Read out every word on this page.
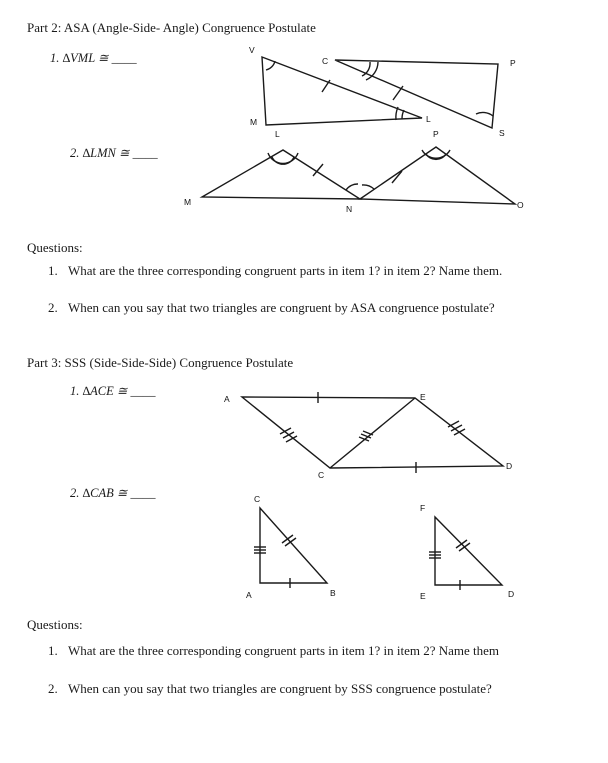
Part 2: ASA (Angle-Side- Angle) Congruence Postulate
1. ∆VML ≅ ____
2. ∆LMN ≅ ____
V
C	P
M	L
S
L	P
M
N	O
A	E
C
D
C
A	B
F
E	D
Questions:
1. What are the three corresponding congruent parts in item 1? in item 2? Name them.
2. When can you say that two triangles are congruent by ASA congruence postulate?
Part 3: SSS (Side-Side-Side) Congruence Postulate
1. ∆ACE ≅ ____
2. ∆CAB ≅ ____
Questions:
1. What are the three corresponding congruent parts in item 1? in item 2? Name them
2. When can you say that two triangles are congruent by SSS congruence postulate?
